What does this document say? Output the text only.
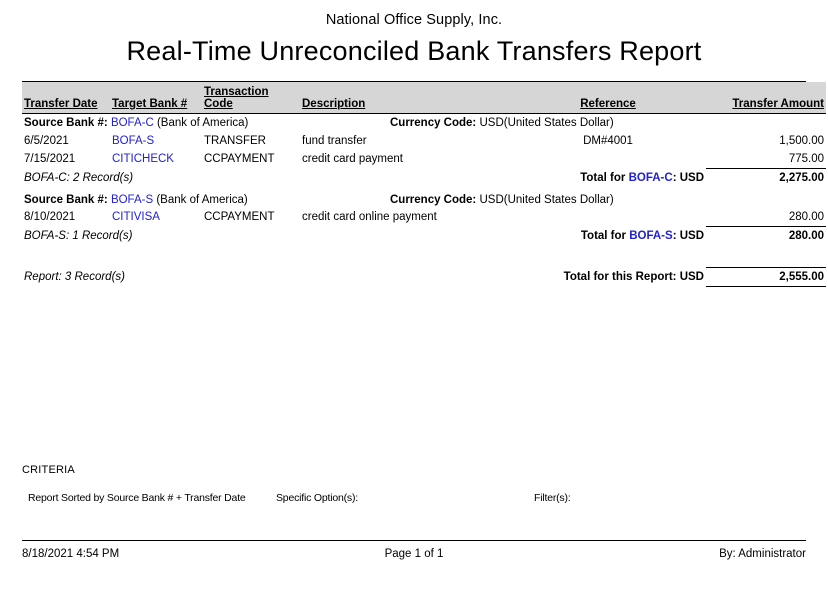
National Office Supply, Inc.
Real-Time Unreconciled Bank Transfers Report
Transfer Date	Target Bank #	Transaction Code	Description	Reference	Transfer Amount
Source Bank #: BOFA-C (Bank of America)			Currency Code: USD(United States Dollar)		
6/5/2021	BOFA-S	TRANSFER	fund transfer	DM#4001	1,500.00
7/15/2021	CITICHECK	CCPAYMENT	credit card payment		775.00
BOFA-C: 2 Record(s)			Total for BOFA-C: USD		2,275.00
Source Bank #: BOFA-S (Bank of America)			Currency Code: USD(United States Dollar)		
8/10/2021	CITIVISA	CCPAYMENT	credit card online payment		280.00
BOFA-S: 1 Record(s)			Total for BOFA-S: USD		280.00

Report: 3 Record(s)			Total for this Report: USD		2,555.00
CRITERIA
Report Sorted by Source Bank # + Transfer Date	Specific Option(s):	Filter(s):
8/18/2021 4:54 PM	Page 1 of 1	By: Administrator
